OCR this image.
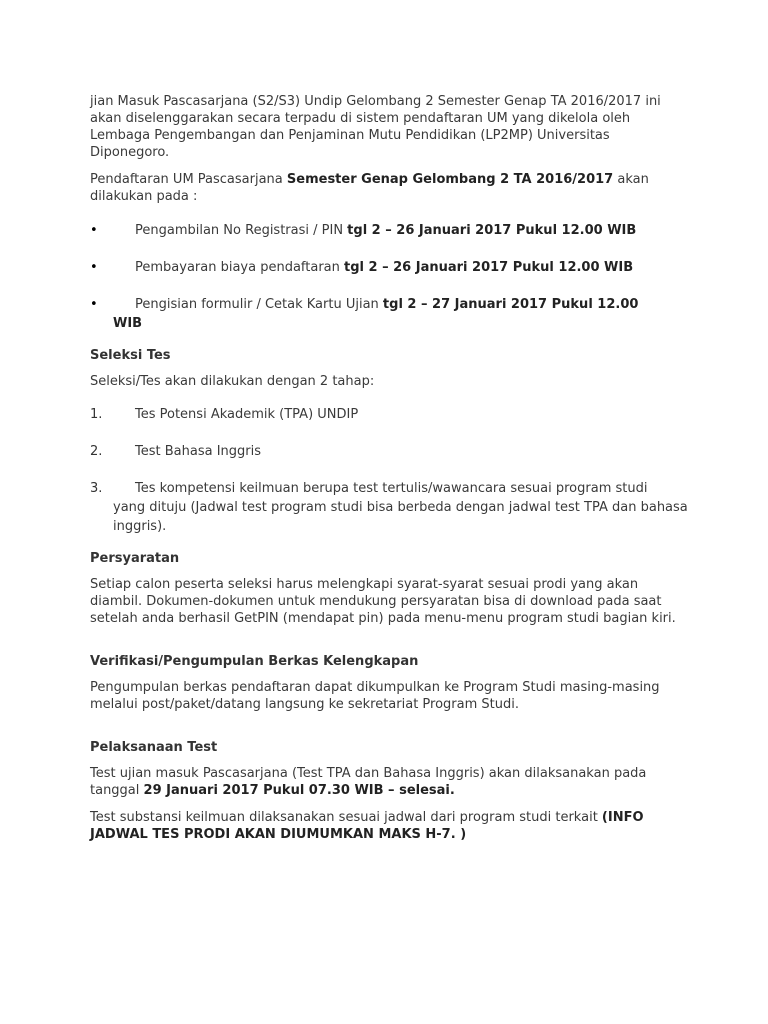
jian Masuk Pascasarjana (S2/S3) Undip Gelombang 2 Semester Genap TA 2016/2017 ini akan diselenggarakan secara terpadu di sistem pendaftaran UM yang dikelola oleh Lembaga Pengembangan dan Penjaminan Mutu Pendidikan (LP2MP) Universitas Diponegoro.

Pendaftaran UM Pascasarjana Semester Genap Gelombang 2 TA 2016/2017 akan dilakukan pada :

•	Pengambilan No Registrasi / PIN tgl 2 – 26 Januari 2017 Pukul 12.00 WIB
•	Pembayaran biaya pendaftaran tgl 2 – 26 Januari 2017 Pukul 12.00 WIB
•	Pengisian formulir / Cetak Kartu Ujian tgl 2 – 27 Januari 2017 Pukul 12.00
WIB

Seleksi Tes

Seleksi/Tes akan dilakukan dengan 2 tahap:

1.	Tes Potensi Akademik (TPA) UNDIP
2.	Test Bahasa Inggris
3.	Tes kompetensi keilmuan berupa test tertulis/wawancara sesuai program studi
yang dituju (Jadwal test program studi bisa berbeda dengan jadwal test TPA dan bahasa inggris).

Persyaratan

Setiap calon peserta seleksi harus melengkapi syarat-syarat sesuai prodi yang akan diambil. Dokumen-dokumen untuk mendukung persyaratan bisa di download pada saat setelah anda berhasil GetPIN (mendapat pin) pada menu-menu program studi bagian kiri.

Verifikasi/Pengumpulan Berkas Kelengkapan

Pengumpulan berkas pendaftaran dapat dikumpulkan ke Program Studi masing-masing melalui post/paket/datang langsung ke sekretariat Program Studi.

Pelaksanaan Test

Test ujian masuk Pascasarjana (Test TPA dan Bahasa Inggris) akan dilaksanakan pada tanggal 29 Januari 2017 Pukul 07.30 WIB – selesai.

Test substansi keilmuan dilaksanakan sesuai jadwal dari program studi terkait (INFO JADWAL TES PRODI AKAN DIUMUMKAN MAKS H-7. )
